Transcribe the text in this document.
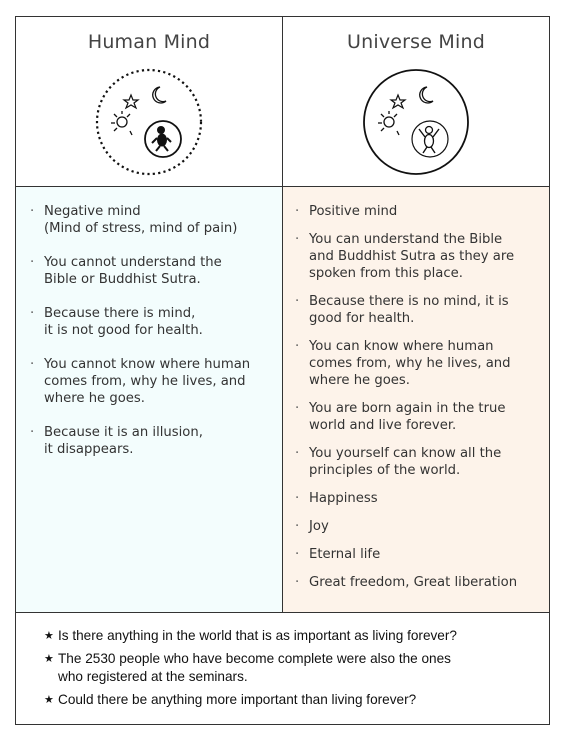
Human Mind	Universe Mind
· Negative mind
(Mind of stress, mind of pain)
· You cannot understand the
Bible or Buddhist Sutra.
· Because there is mind,
it is not good for health.
· You cannot know where human
comes from, why he lives, and
where he goes.
· Because it is an illusion,
it disappears.
· Positive mind
· You can understand the Bible
and Buddhist Sutra as they are
spoken from this place.
· Because there is no mind, it is
good for health.
· You can know where human
comes from, why he lives, and
where he goes.
· You are born again in the true
world and live forever.
· You yourself can know all the
principles of the world.
· Happiness
· Joy
· Eternal life
· Great freedom, Great liberation
★ Is there anything in the world that is as important as living forever?
★ The 2530 people who have become complete were also the ones
who registered at the seminars.
★ Could there be anything more important than living forever?
